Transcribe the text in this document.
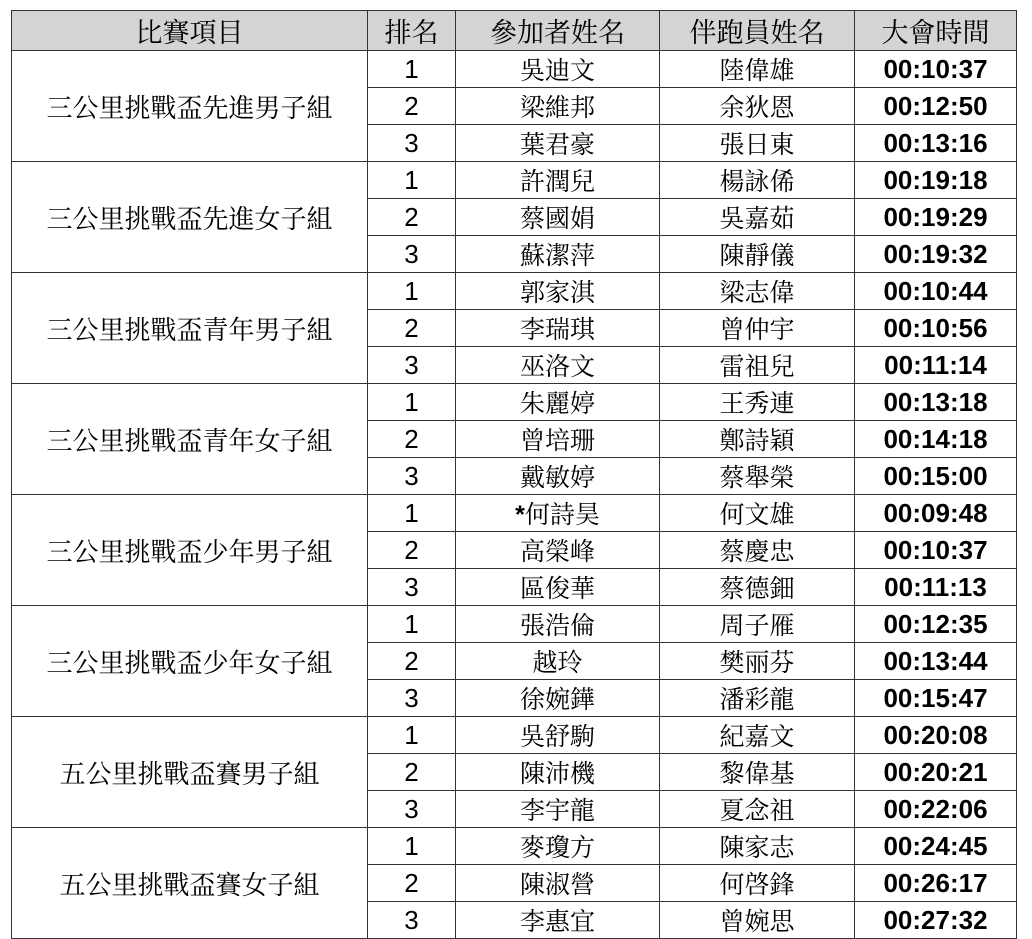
比賽項目	排名	參加者姓名	伴跑員姓名	大會時間
三公里挑戰盃先進男子組	1	吳迪文	陸偉雄	00:10:37
	2	梁維邦	余狄恩	00:12:50
	3	葉君豪	張日東	00:13:16
三公里挑戰盃先進女子組	1	許潤兒	楊詠俙	00:19:18
	2	蔡國娟	吳嘉茹	00:19:29
	3	蘇潔萍	陳靜儀	00:19:32
三公里挑戰盃青年男子組	1	郭家淇	梁志偉	00:10:44
	2	李瑞琪	曾仲宇	00:10:56
	3	巫洛文	雷祖兒	00:11:14
三公里挑戰盃青年女子組	1	朱麗婷	王秀連	00:13:18
	2	曾培珊	鄭詩穎	00:14:18
	3	戴敏婷	蔡舉榮	00:15:00
三公里挑戰盃少年男子組	1	*何詩昊	何文雄	00:09:48
	2	高榮峰	蔡慶忠	00:10:37
	3	區俊華	蔡德鈿	00:11:13
三公里挑戰盃少年女子組	1	張浩倫	周子雁	00:12:35
	2	越玲	樊丽芬	00:13:44
	3	徐婉鏵	潘彩龍	00:15:47
五公里挑戰盃賽男子組	1	吳舒駒	紀嘉文	00:20:08
	2	陳沛機	黎偉基	00:20:21
	3	李宇龍	夏念祖	00:22:06
五公里挑戰盃賽女子組	1	麥瓊方	陳家志	00:24:45
	2	陳淑營	何啓鋒	00:26:17
	3	李惠宜	曾婉思	00:27:32
